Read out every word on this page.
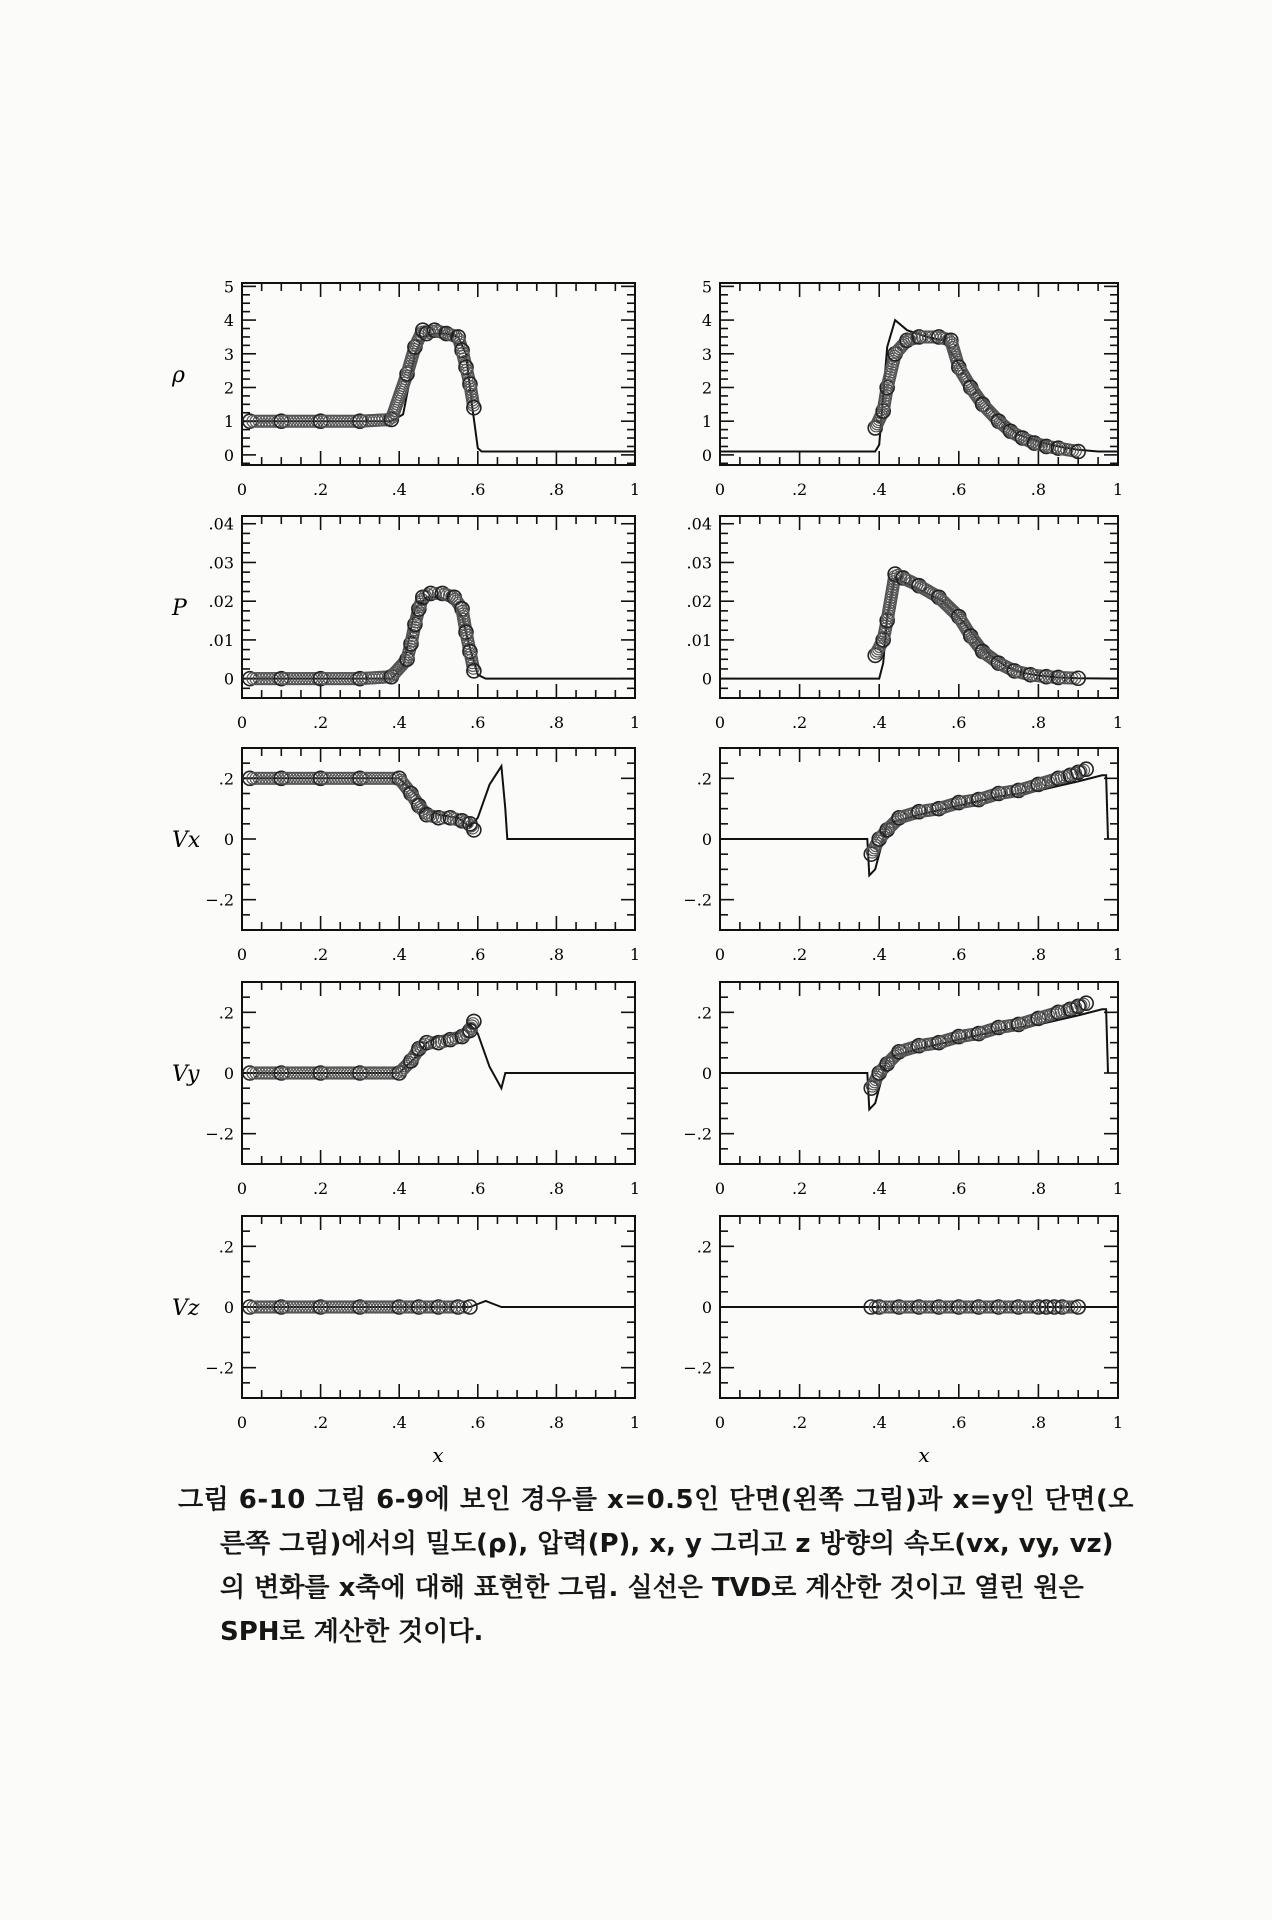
ρ
0	.2	.4	.6	.8	1
0
1
2
3
4
5
0	.2	.4	.6	.8	1
0
1
2
3
4
5
P
0	.2	.4	.6	.8	1
0
.01
.02
.03
.04
0	.2	.4	.6	.8	1
0
.01
.02
.03
.04
Vx
0	.2	.4	.6	.8	1
−.2
0
.2
0	.2	.4	.6	.8	1
−.2
0
.2
Vy
0	.2	.4	.6	.8	1
−.2
0
.2
0	.2	.4	.6	.8	1
−.2
0
.2
Vz
0	.2	.4	.6	.8	1
−.2
0
.2
0	.2	.4	.6	.8	1
−.2
0
.2
x	x
그림 6-10 그림 6-9에 보인 경우를 x=0.5인 단면(왼쪽 그림)과 x=y인 단면(오
른쪽 그림)에서의 밀도(ρ), 압력(P), x, y 그리고 z 방향의 속도(vx, vy, vz)
의 변화를 x축에 대해 표현한 그림. 실선은 TVD로 계산한 것이고 열린 원은
SPH로 계산한 것이다.
